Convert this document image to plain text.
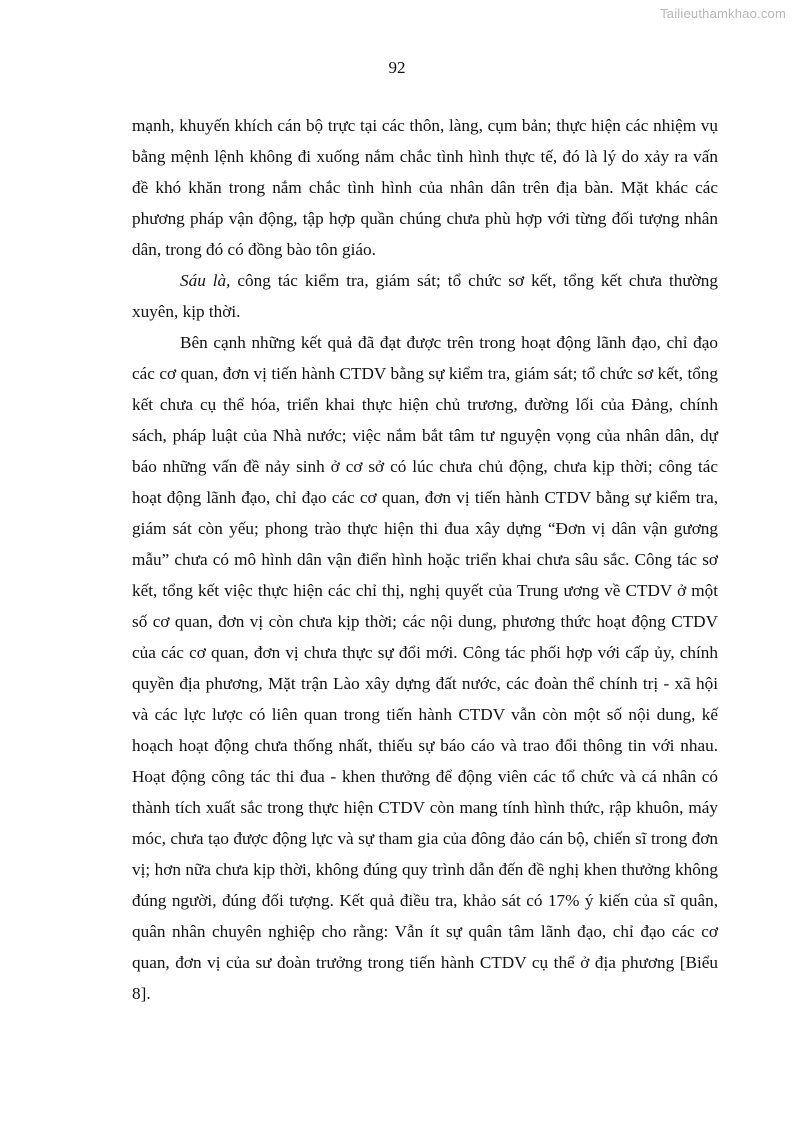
Tailieuthamkhao.com
92

mạnh, khuyến khích cán bộ trực tại các thôn, làng, cụm bản; thực hiện các nhiệm vụ bằng mệnh lệnh không đi xuống nắm chắc tình hình thực tế, đó là lý do xảy ra vấn đề khó khăn trong nắm chắc tình hình của nhân dân trên địa bàn. Mặt khác các phương pháp vận động, tập hợp quần chúng chưa phù hợp với từng đối tượng nhân dân, trong đó có đồng bào tôn giáo.

Sáu là, công tác kiểm tra, giám sát; tổ chức sơ kết, tổng kết chưa thường xuyên, kịp thời.

Bên cạnh những kết quả đã đạt được trên trong hoạt động lãnh đạo, chỉ đạo các cơ quan, đơn vị tiến hành CTDV bằng sự kiểm tra, giám sát; tổ chức sơ kết, tổng kết chưa cụ thể hóa, triển khai thực hiện chủ trương, đường lối của Đảng, chính sách, pháp luật của Nhà nước; việc nắm bắt tâm tư nguyện vọng của nhân dân, dự báo những vấn đề nảy sinh ở cơ sở có lúc chưa chủ động, chưa kịp thời; công tác hoạt động lãnh đạo, chỉ đạo các cơ quan, đơn vị tiến hành CTDV bằng sự kiểm tra, giám sát còn yếu; phong trào thực hiện thi đua xây dựng “Đơn vị dân vận gương mẫu” chưa có mô hình dân vận điển hình hoặc triển khai chưa sâu sắc. Công tác sơ kết, tổng kết việc thực hiện các chỉ thị, nghị quyết của Trung ương về CTDV ở một số cơ quan, đơn vị còn chưa kịp thời; các nội dung, phương thức hoạt động CTDV của các cơ quan, đơn vị chưa thực sự đổi mới. Công tác phối hợp với cấp ủy, chính quyền địa phương, Mặt trận Lào xây dựng đất nước, các đoàn thể chính trị - xã hội và các lực lược có liên quan trong tiến hành CTDV vẫn còn một số nội dung, kế hoạch hoạt động chưa thống nhất, thiếu sự báo cáo và trao đổi thông tin với nhau. Hoạt động công tác thi đua - khen thưởng để động viên các tổ chức và cá nhân có thành tích xuất sắc trong thực hiện CTDV còn mang tính hình thức, rập khuôn, máy móc, chưa tạo được động lực và sự tham gia của đông đảo cán bộ, chiến sĩ trong đơn vị; hơn nữa chưa kịp thời, không đúng quy trình dẫn đến đề nghị khen thưởng không đúng người, đúng đối tượng. Kết quả điều tra, khảo sát có 17% ý kiến của sĩ quân, quân nhân chuyên nghiệp cho rằng: Vẫn ít sự quân tâm lãnh đạo, chỉ đạo các cơ quan, đơn vị của sư đoàn trưởng trong tiến hành CTDV cụ thể ở địa phương [Biểu 8].
